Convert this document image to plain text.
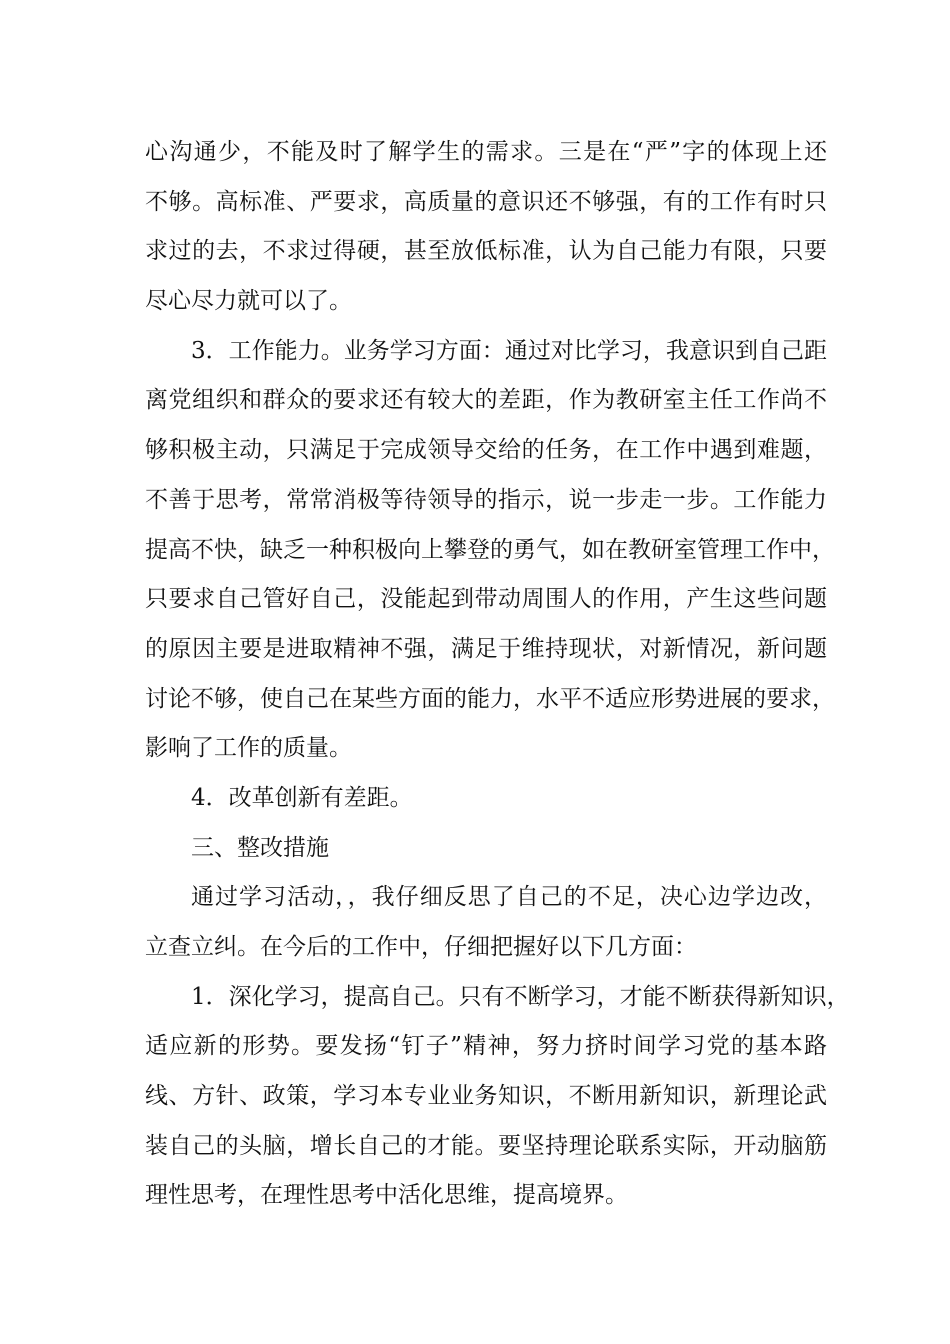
心沟通少，不能及时了解学生的需求。三是在“严”字的体现上还
不够。高标准、严要求，高质量的意识还不够强，有的工作有时只
求过的去，不求过得硬，甚至放低标准，认为自己能力有限，只要
尽心尽力就可以了。
3．工作能力。业务学习方面：通过对比学习，我意识到自己距
离党组织和群众的要求还有较大的差距，作为教研室主任工作尚不
够积极主动，只满足于完成领导交给的任务，在工作中遇到难题，
不善于思考，常常消极等待领导的指示，说一步走一步。工作能力
提高不快，缺乏一种积极向上攀登的勇气，如在教研室管理工作中，
只要求自己管好自己，没能起到带动周围人的作用，产生这些问题
的原因主要是进取精神不强，满足于维持现状，对新情况，新问题
讨论不够，使自己在某些方面的能力，水平不适应形势进展的要求，
影响了工作的质量。
4．改革创新有差距。
三、整改措施
通过学习活动，，我仔细反思了自己的不足，决心边学边改，
立查立纠。在今后的工作中，仔细把握好以下几方面：
1．深化学习，提高自己。只有不断学习，才能不断获得新知识，
适应新的形势。要发扬“钉子”精神，努力挤时间学习党的基本路
线、方针、政策，学习本专业业务知识，不断用新知识，新理论武
装自己的头脑，增长自己的才能。要坚持理论联系实际，开动脑筋
理性思考，在理性思考中活化思维，提高境界。
